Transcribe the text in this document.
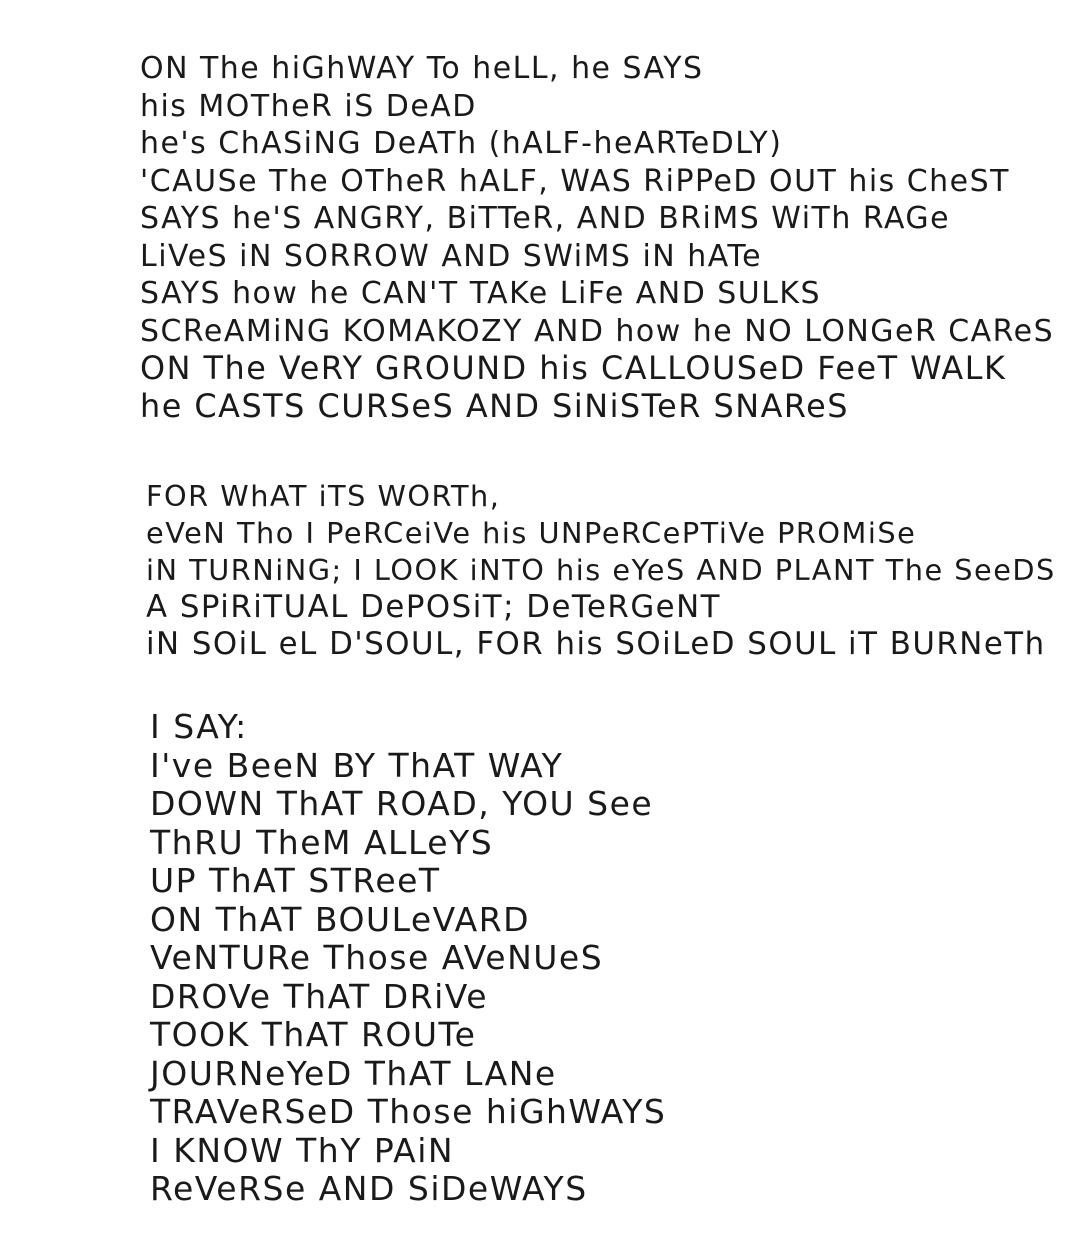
ON The hiGhWAY To heLL, he SAYS
his MOTheR iS DeAD
he's ChASiNG DeATh (hALF-heARTeDLY)
'CAUSe The OTheR hALF, WAS RiPPeD OUT his CheST
SAYS he'S ANGRY, BiTTeR, AND BRiMS WiTh RAGe
LiVeS iN SORROW AND SWiMS iN hATe
SAYS how he CAN'T TAKe LiFe AND SULKS
SCReAMiNG KOMAKOZY AND how he NO LONGeR CAReS
ON The VeRY GROUND his CALLOUSeD FeeT WALK
he CASTS CURSeS AND SiNiSTeR SNAReS
FOR WhAT iTS WORTh,
eVeN Tho I PeRCeiVe his UNPeRCePTiVe PROMiSe
iN TURNiNG; I LOOK iNTO his eYeS AND PLANT The SeeDS
A SPiRiTUAL DePOSiT; DeTeRGeNT
iN SOiL eL D'SOUL, FOR his SOiLeD SOUL iT BURNeTh
I SAY:
I've BeeN BY ThAT WAY
DOWN ThAT ROAD, YOU See
ThRU TheM ALLeYS
UP ThAT STReeT
ON ThAT BOULeVARD
VeNTURe Those AVeNUeS
DROVe ThAT DRiVe
TOOK ThAT ROUTe
JOURNeYeD ThAT LANe
TRAVeRSeD Those hiGhWAYS
I KNOW ThY PAiN
ReVeRSe AND SiDeWAYS
